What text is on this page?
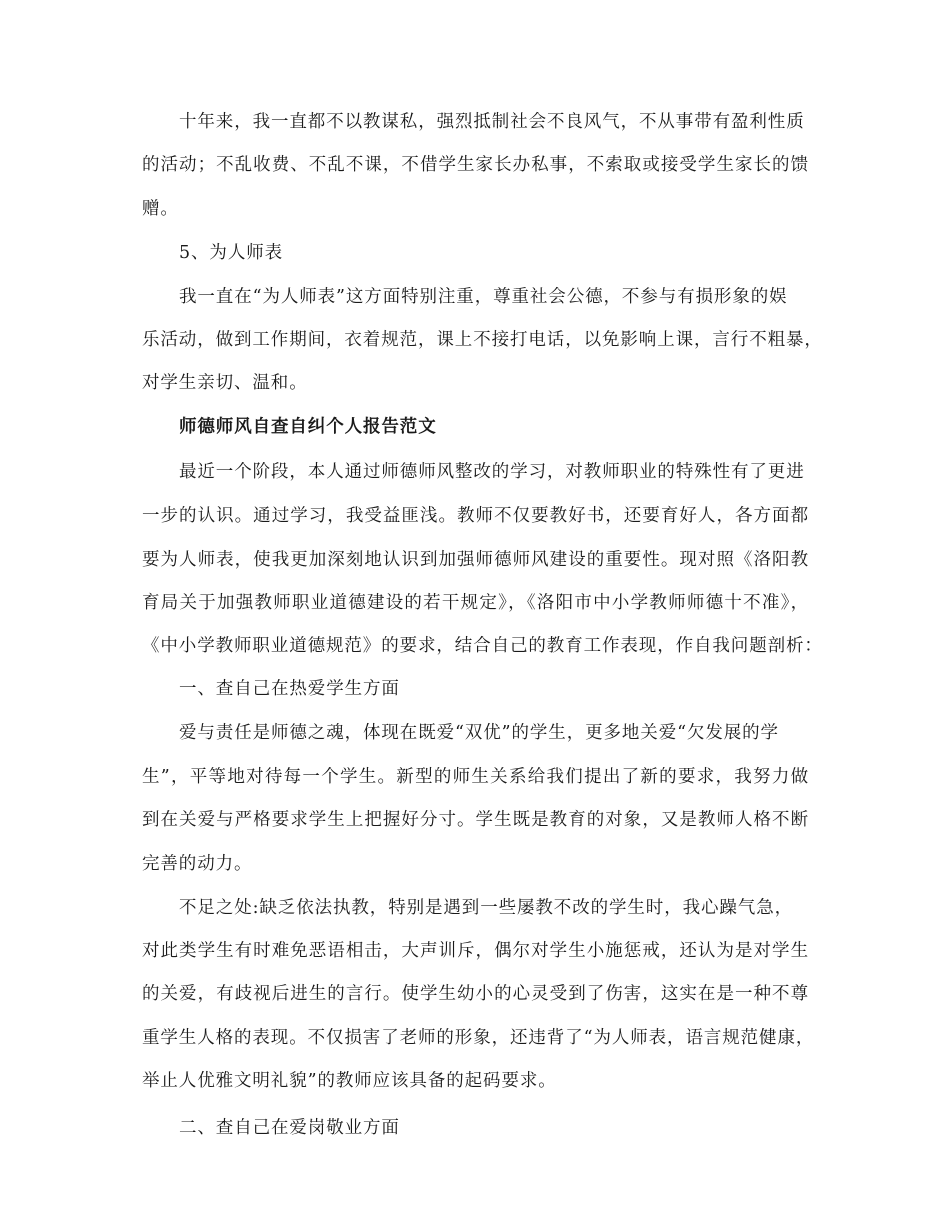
十年来，我一直都不以教谋私，强烈抵制社会不良风气，不从事带有盈利性质
的活动；不乱收费、不乱不课，不借学生家长办私事，不索取或接受学生家长的馈
赠。
5、为人师表
我一直在“为人师表”这方面特别注重，尊重社会公德，不参与有损形象的娱
乐活动，做到工作期间，衣着规范，课上不接打电话，以免影响上课，言行不粗暴，
对学生亲切、温和。
师德师风自查自纠个人报告范文
最近一个阶段，本人通过师德师风整改的学习，对教师职业的特殊性有了更进
一步的认识。通过学习，我受益匪浅。教师不仅要教好书，还要育好人，各方面都
要为人师表，使我更加深刻地认识到加强师德师风建设的重要性。现对照《洛阳教
育局关于加强教师职业道德建设的若干规定》，《洛阳市中小学教师师德十不准》，
《中小学教师职业道德规范》的要求，结合自己的教育工作表现，作自我问题剖析：
一、查自己在热爱学生方面
爱与责任是师德之魂，体现在既爱“双优”的学生，更多地关爱“欠发展的学
生”，平等地对待每一个学生。新型的师生关系给我们提出了新的要求，我努力做
到在关爱与严格要求学生上把握好分寸。学生既是教育的对象，又是教师人格不断
完善的动力。
不足之处:缺乏依法执教，特别是遇到一些屡教不改的学生时，我心躁气急，
对此类学生有时难免恶语相击，大声训斥，偶尔对学生小施惩戒，还认为是对学生
的关爱，有歧视后进生的言行。使学生幼小的心灵受到了伤害，这实在是一种不尊
重学生人格的表现。不仅损害了老师的形象，还违背了“为人师表，语言规范健康，
举止人优雅文明礼貌”的教师应该具备的起码要求。
二、查自己在爱岗敬业方面
